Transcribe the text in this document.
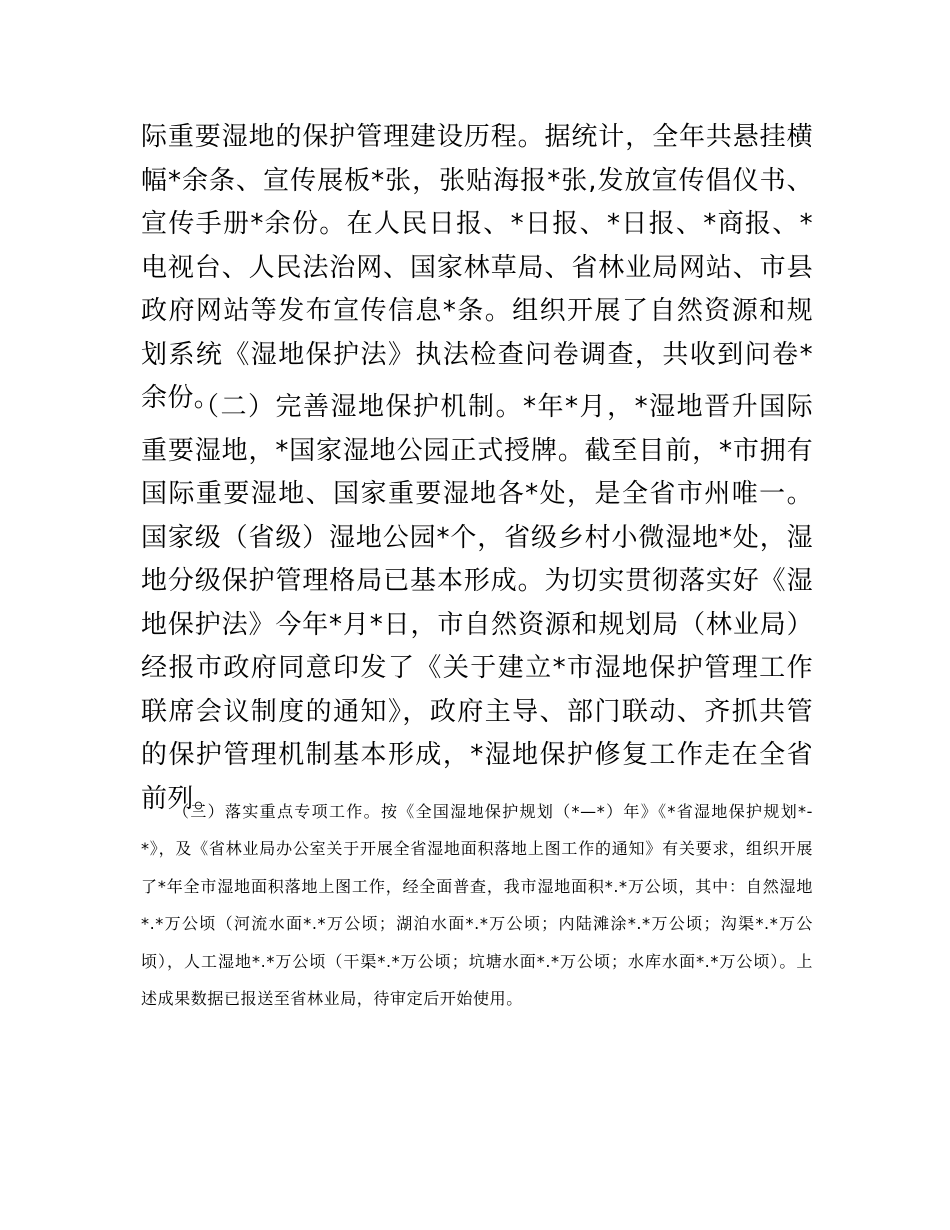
际重要湿地的保护管理建设历程。据统计，全年共悬挂横幅*余条、宣传展板*张，张贴海报*张,发放宣传倡仪书、宣传手册*余份。在人民日报、*日报、*日报、*商报、*电视台、人民法治网、国家林草局、省林业局网站、市县政府网站等发布宣传信息*条。组织开展了自然资源和规划系统《湿地保护法》执法检查问卷调查，共收到问卷*余份。

（二）完善湿地保护机制。*年*月，*湿地晋升国际重要湿地，*国家湿地公园正式授牌。截至目前，*市拥有国际重要湿地、国家重要湿地各*处，是全省市州唯一。国家级（省级）湿地公园*个，省级乡村小微湿地*处，湿地分级保护管理格局已基本形成。为切实贯彻落实好《湿地保护法》今年*月*日，市自然资源和规划局（林业局）经报市政府同意印发了《关于建立*市湿地保护管理工作联席会议制度的通知》，政府主导、部门联动、齐抓共管的保护管理机制基本形成，*湿地保护修复工作走在全省前列。

（三）落实重点专项工作。按《全国湿地保护规划（*—*）年》《*省湿地保护规划*-*》，及《省林业局办公室关于开展全省湿地面积落地上图工作的通知》有关要求，组织开展了*年全市湿地面积落地上图工作，经全面普查，我市湿地面积*.*万公顷，其中：自然湿地*.*万公顷（河流水面*.*万公顷；湖泊水面*.*万公顷；内陆滩涂*.*万公顷；沟渠*.*万公顷），人工湿地*.*万公顷（干渠*.*万公顷；坑塘水面*.*万公顷；水库水面*.*万公顷）。上述成果数据已报送至省林业局，待审定后开始使用。
